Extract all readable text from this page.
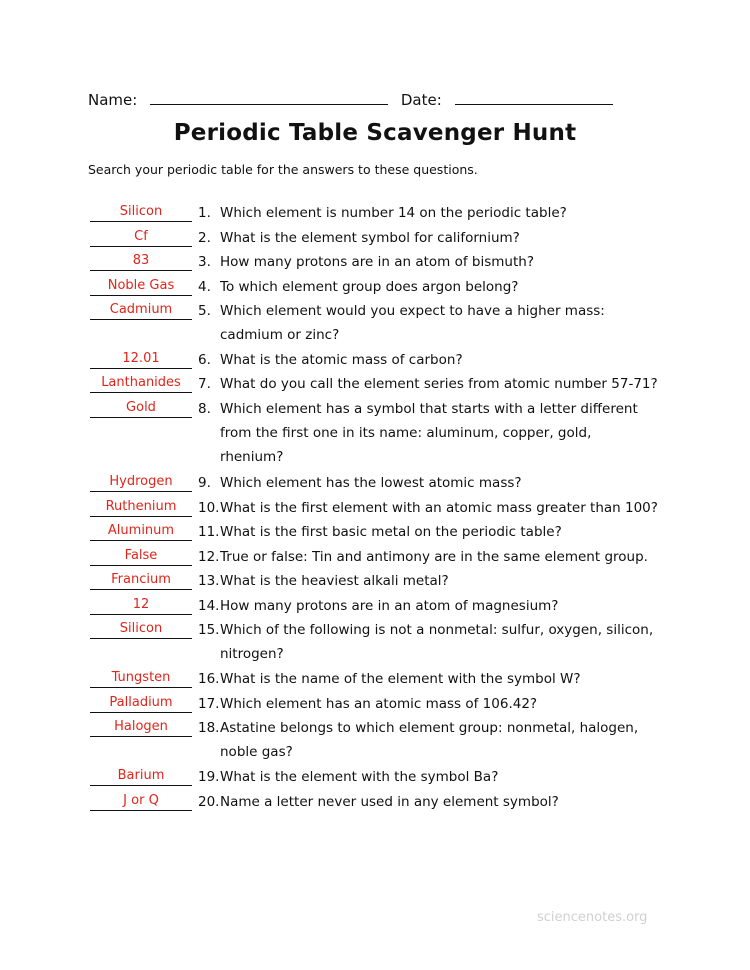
Name:	Date:
Periodic Table Scavenger Hunt
Search your periodic table for the answers to these questions.
Silicon	1. Which element is number 14 on the periodic table?
Cf	2. What is the element symbol for californium?
83	3. How many protons are in an atom of bismuth?
Noble Gas	4. To which element group does argon belong?
Cadmium	5. Which element would you expect to have a higher mass:
cadmium or zinc?
12.01	6. What is the atomic mass of carbon?
Lanthanides	7. What do you call the element series from atomic number 57-71?
Gold	8. Which element has a symbol that starts with a letter different
from the first one in its name: aluminum, copper, gold,
rhenium?
Hydrogen	9. Which element has the lowest atomic mass?
Ruthenium	10. What is the first element with an atomic mass greater than 100?
Aluminum	11. What is the first basic metal on the periodic table?
False	12. True or false: Tin and antimony are in the same element group.
Francium	13. What is the heaviest alkali metal?
12	14. How many protons are in an atom of magnesium?
Silicon	15. Which of the following is not a nonmetal: sulfur, oxygen, silicon,
nitrogen?
Tungsten	16. What is the name of the element with the symbol W?
Palladium	17. Which element has an atomic mass of 106.42?
Halogen	18. Astatine belongs to which element group: nonmetal, halogen,
noble gas?
Barium	19. What is the element with the symbol Ba?
J or Q	20. Name a letter never used in any element symbol?
sciencenotes.org
